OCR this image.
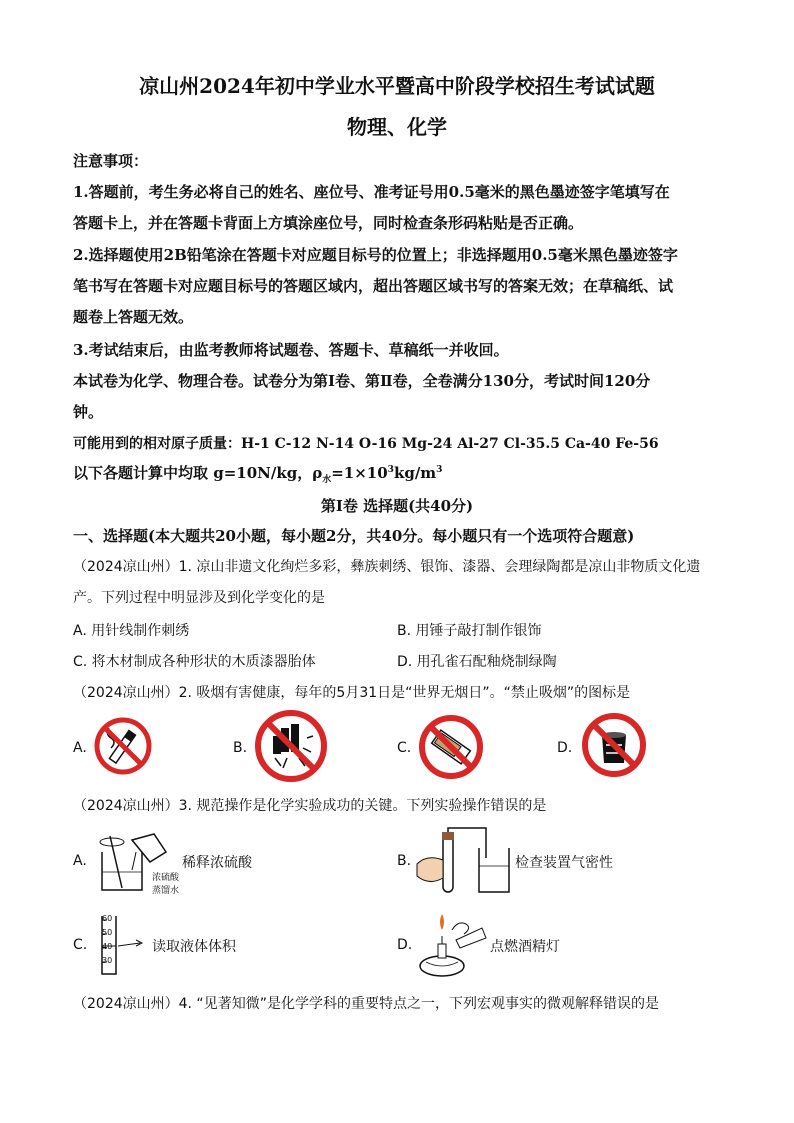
凉山州2024年初中学业水平暨高中阶段学校招生考试试题
物理、化学
注意事项：
1.答题前，考生务必将自己的姓名、座位号、准考证号用0.5毫米的黑色墨迹签字笔填写在
答题卡上，并在答题卡背面上方填涂座位号，同时检查条形码粘贴是否正确。
2.选择题使用2B铅笔涂在答题卡对应题目标号的位置上；非选择题用0.5毫米黑色墨迹签字
笔书写在答题卡对应题目标号的答题区域内，超出答题区域书写的答案无效；在草稿纸、试
题卷上答题无效。
3.考试结束后，由监考教师将试题卷、答题卡、草稿纸一并收回。
本试卷为化学、物理合卷。试卷分为第Ⅰ卷、第Ⅱ卷，全卷满分130分，考试时间120分
钟。
可能用到的相对原子质量：H-1 C-12 N-14 O-16 Mg-24 Al-27 Cl-35.5 Ca-40 Fe-56
以下各题计算中均取 g=10N/kg，$\rho_水=1\times 10^3kg/m^3$
第Ⅰ卷 选择题(共40分)
一、选择题(本大题共20小题，每小题2分，共40分。每小题只有一个选项符合题意)
（2024凉山州）1. 凉山非遗文化绚烂多彩，彝族刺绣、银饰、漆器、会理绿陶都是凉山非物质文化遗
产。下列过程中明显涉及到化学变化的是
A. 用针线制作刺绣	B. 用锤子敲打制作银饰
C. 将木材制成各种形状的木质漆器胎体	D. 用孔雀石配釉烧制绿陶
（2024凉山州）2. 吸烟有害健康，每年的5月31日是“世界无烟日”。“禁止吸烟”的图标是
A.	B.	C.	D.
（2024凉山州）3. 规范操作是化学实验成功的关键。下列实验操作错误的是
A.	稀释浓硫酸
浓硫酸
蒸馏水
B.	检查装置气密性
C.
60
50
40
30
读取液体体积	D.	点燃酒精灯
（2024凉山州）4. “见著知微”是化学学科的重要特点之一，下列宏观事实的微观解释错误的是
